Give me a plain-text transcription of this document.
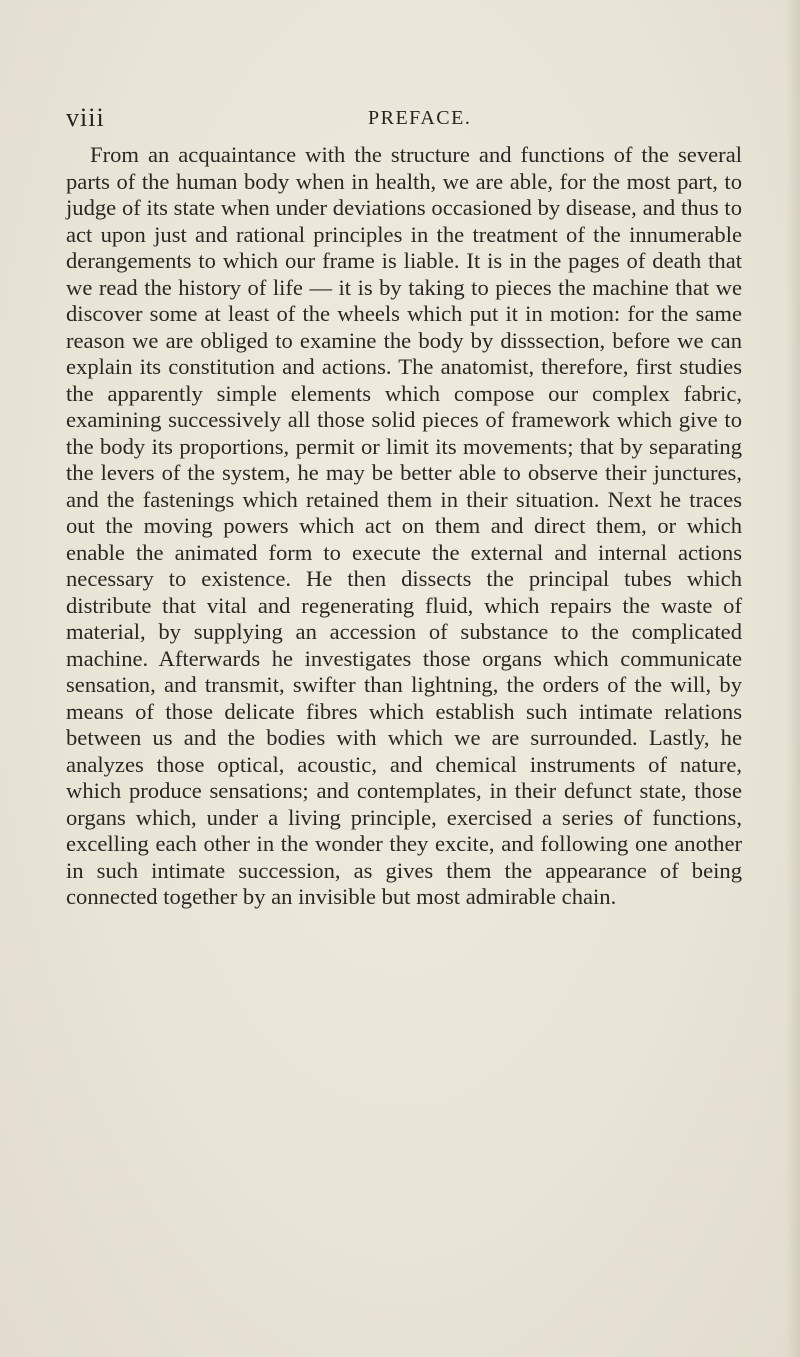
viii	PREFACE.

From an acquaintance with the structure and functions of the several parts of the human body when in health, we are able, for the most part, to judge of its state when under deviations occasioned by disease, and thus to act upon just and rational principles in the treatment of the innumerable derangements to which our frame is liable. It is in the pages of death that we read the history of life — it is by taking to pieces the machine that we discover some at least of the wheels which put it in motion: for the same reason we are obliged to examine the body by disssection, before we can explain its constitution and actions. The anatomist, therefore, first studies the apparently simple elements which compose our complex fabric, examining successively all those solid pieces of framework which give to the body its proportions, permit or limit its movements; that by separating the levers of the system, he may be better able to observe their junctures, and the fastenings which retained them in their situation. Next he traces out the moving powers which act on them and direct them, or which enable the animated form to execute the external and internal actions necessary to existence. He then dissects the principal tubes which distribute that vital and regenerating fluid, which repairs the waste of material, by supplying an accession of substance to the complicated machine. Afterwards he investigates those organs which communicate sensation, and transmit, swifter than lightning, the orders of the will, by means of those delicate fibres which establish such intimate relations between us and the bodies with which we are surrounded. Lastly, he analyzes those optical, acoustic, and chemical instruments of nature, which produce sensations; and contemplates, in their defunct state, those organs which, under a living principle, exercised a series of functions, excelling each other in the wonder they excite, and following one another in such intimate succession, as gives them the appearance of being connected together by an invisible but most admirable chain.
